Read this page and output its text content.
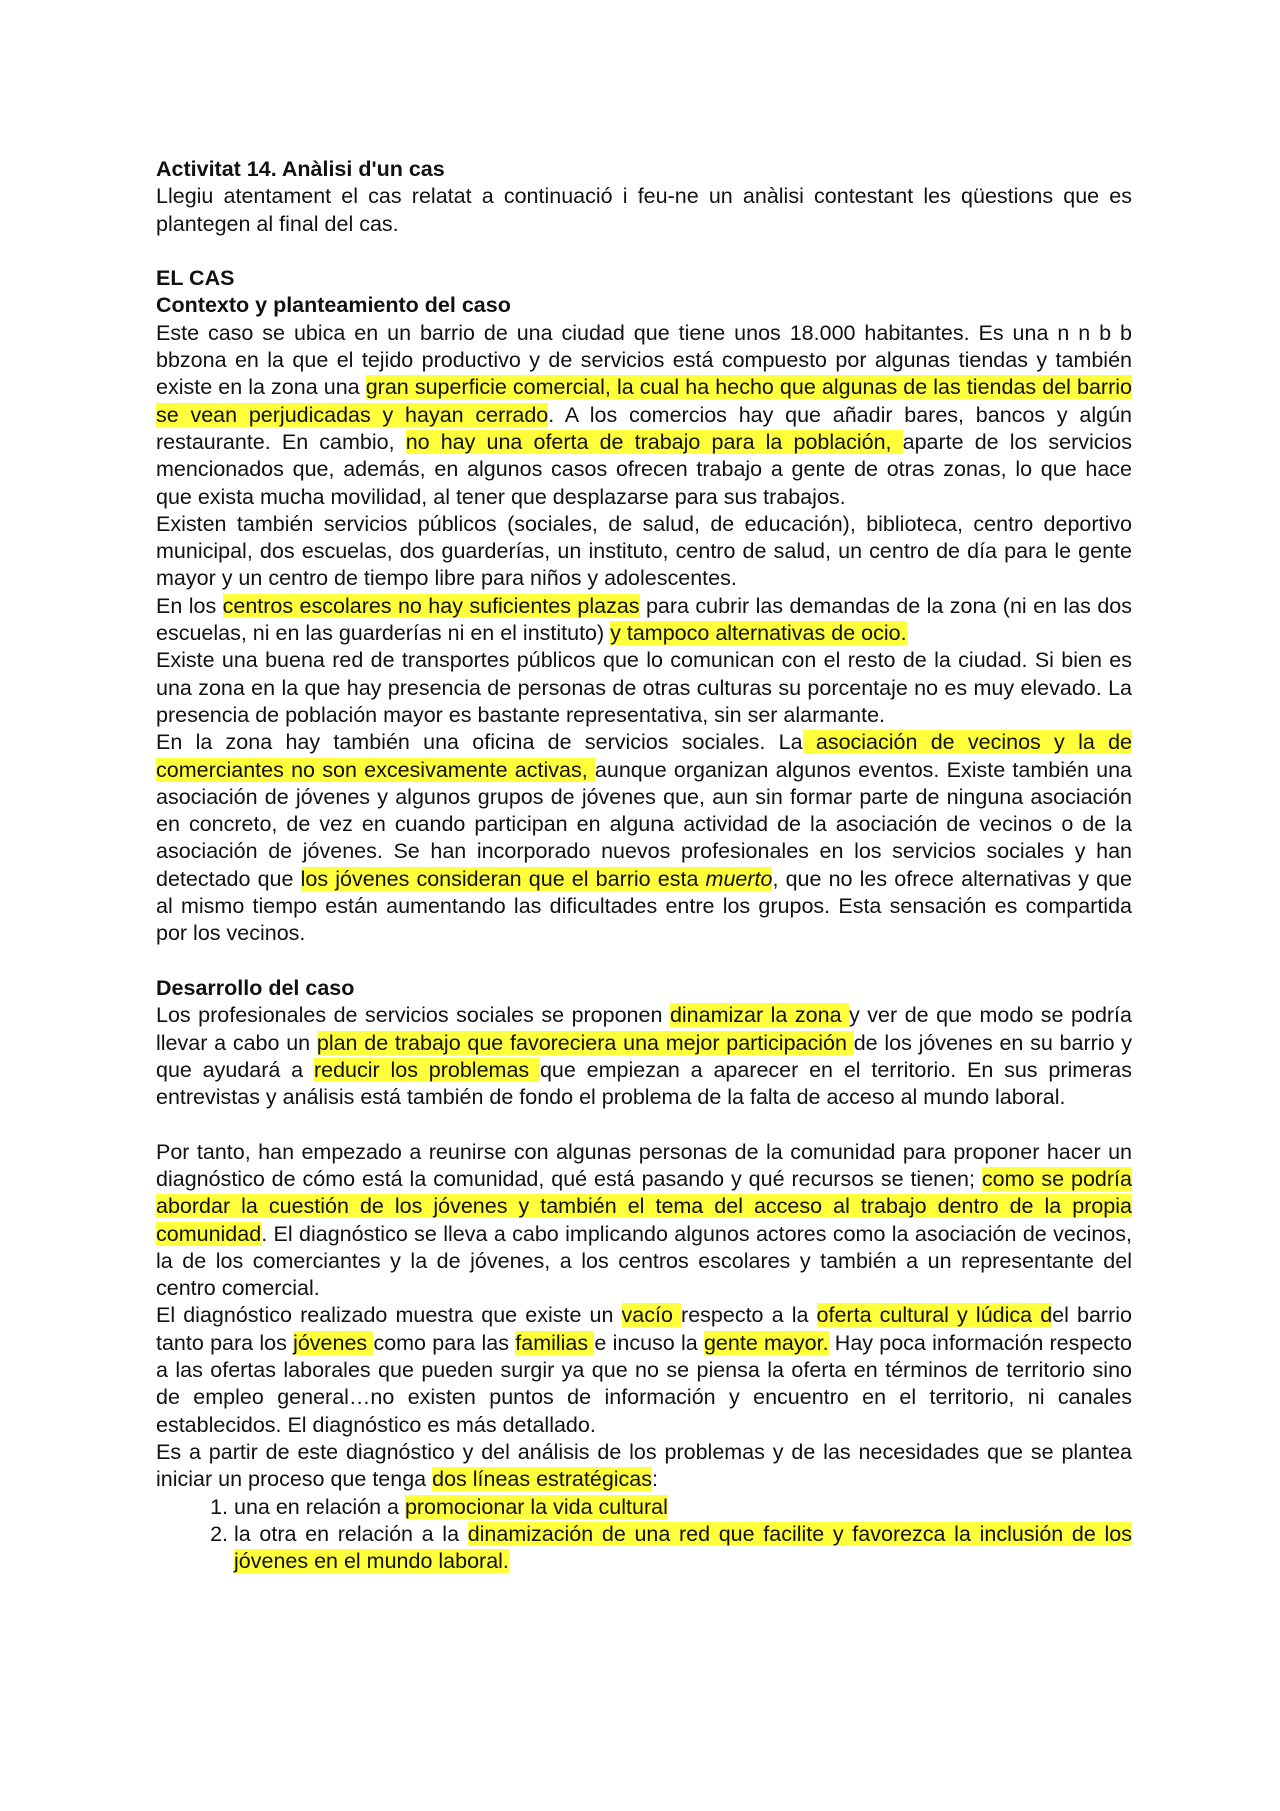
Activitat 14. Anàlisi d'un cas

Llegiu atentament el cas relatat a continuació i feu-ne un anàlisi contestant les qüestions que es plantegen al final del cas.

EL CAS

Contexto y planteamiento del caso

Este caso se ubica en un barrio de una ciudad que tiene unos 18.000 habitantes. Es una n n b b bbzona en la que el tejido productivo y de servicios está compuesto por algunas tiendas y también existe en la zona una gran superficie comercial, la cual ha hecho que algunas de las tiendas del barrio se vean perjudicadas y hayan cerrado. A los comercios hay que añadir bares, bancos y algún restaurante. En cambio, no hay una oferta de trabajo para la población, aparte de los servicios mencionados que, además, en algunos casos ofrecen trabajo a gente de otras zonas, lo que hace que exista mucha movilidad, al tener que desplazarse para sus trabajos.

Existen también servicios públicos (sociales, de salud, de educación), biblioteca, centro deportivo municipal, dos escuelas, dos guarderías, un instituto, centro de salud, un centro de día para le gente mayor y un centro de tiempo libre para niños y adolescentes.

En los centros escolares no hay suficientes plazas para cubrir las demandas de la zona (ni en las dos escuelas, ni en las guarderías ni en el instituto) y tampoco alternativas de ocio.

Existe una buena red de transportes públicos que lo comunican con el resto de la ciudad. Si bien es una zona en la que hay presencia de personas de otras culturas su porcentaje no es muy elevado. La presencia de población mayor es bastante representativa, sin ser alarmante.

En la zona hay también una oficina de servicios sociales. La asociación de vecinos y la de comerciantes no son excesivamente activas, aunque organizan algunos eventos. Existe también una asociación de jóvenes y algunos grupos de jóvenes que, aun sin formar parte de ninguna asociación en concreto, de vez en cuando participan en alguna actividad de la asociación de vecinos o de la asociación de jóvenes. Se han incorporado nuevos profesionales en los servicios sociales y han detectado que los jóvenes consideran que el barrio esta muerto, que no les ofrece alternativas y que al mismo tiempo están aumentando las dificultades entre los grupos. Esta sensación es compartida por los vecinos.

Desarrollo del caso

Los profesionales de servicios sociales se proponen dinamizar la zona y ver de que modo se podría llevar a cabo un plan de trabajo que favoreciera una mejor participación de los jóvenes en su barrio y que ayudará a reducir los problemas que empiezan a aparecer en el territorio. En sus primeras entrevistas y análisis está también de fondo el problema de la falta de acceso al mundo laboral.

Por tanto, han empezado a reunirse con algunas personas de la comunidad para proponer hacer un diagnóstico de cómo está la comunidad, qué está pasando y qué recursos se tienen; como se podría abordar la cuestión de los jóvenes y también el tema del acceso al trabajo dentro de la propia comunidad. El diagnóstico se lleva a cabo implicando algunos actores como la asociación de vecinos, la de los comerciantes y la de jóvenes, a los centros escolares y también a un representante del centro comercial.

El diagnóstico realizado muestra que existe un vacío respecto a la oferta cultural y lúdica del barrio tanto para los jóvenes como para las familias e incuso la gente mayor. Hay poca información respecto a las ofertas laborales que pueden surgir ya que no se piensa la oferta en términos de territorio sino de empleo general…no existen puntos de información y encuentro en el territorio, ni canales establecidos. El diagnóstico es más detallado.

Es a partir de este diagnóstico y del análisis de los problemas y de las necesidades que se plantea iniciar un proceso que tenga dos líneas estratégicas:

1. una en relación a promocionar la vida cultural
2. la otra en relación a la dinamización de una red que facilite y favorezca la inclusión de los jóvenes en el mundo laboral.
